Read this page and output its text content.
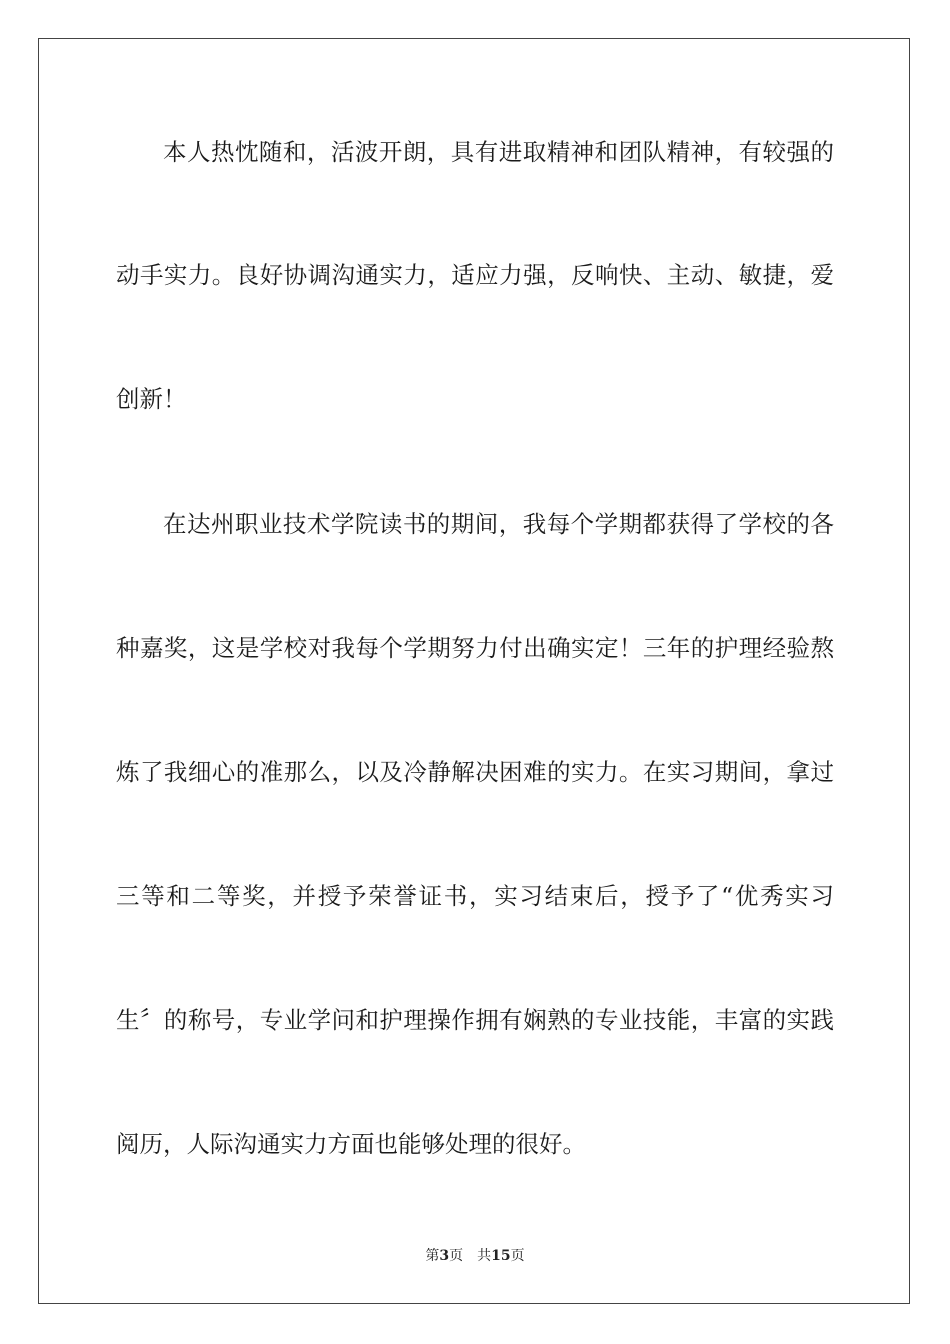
本人热忱随和，活波开朗，具有进取精神和团队精神，有较强的
动手实力。良好协调沟通实力，适应力强，反响快、主动、敏捷，爱
创新！
在达州职业技术学院读书的期间，我每个学期都获得了学校的各
种嘉奖，这是学校对我每个学期努力付出确实定！三年的护理经验熬
炼了我细心的准那么，以及冷静解决困难的实力。在实习期间，拿过
三等和二等奖，并授予荣誉证书，实习结束后，授予了“优秀实习
生〞的称号，专业学问和护理操作拥有娴熟的专业技能，丰富的实践
阅历，人际沟通实力方面也能够处理的很好。
第3页 共15页
